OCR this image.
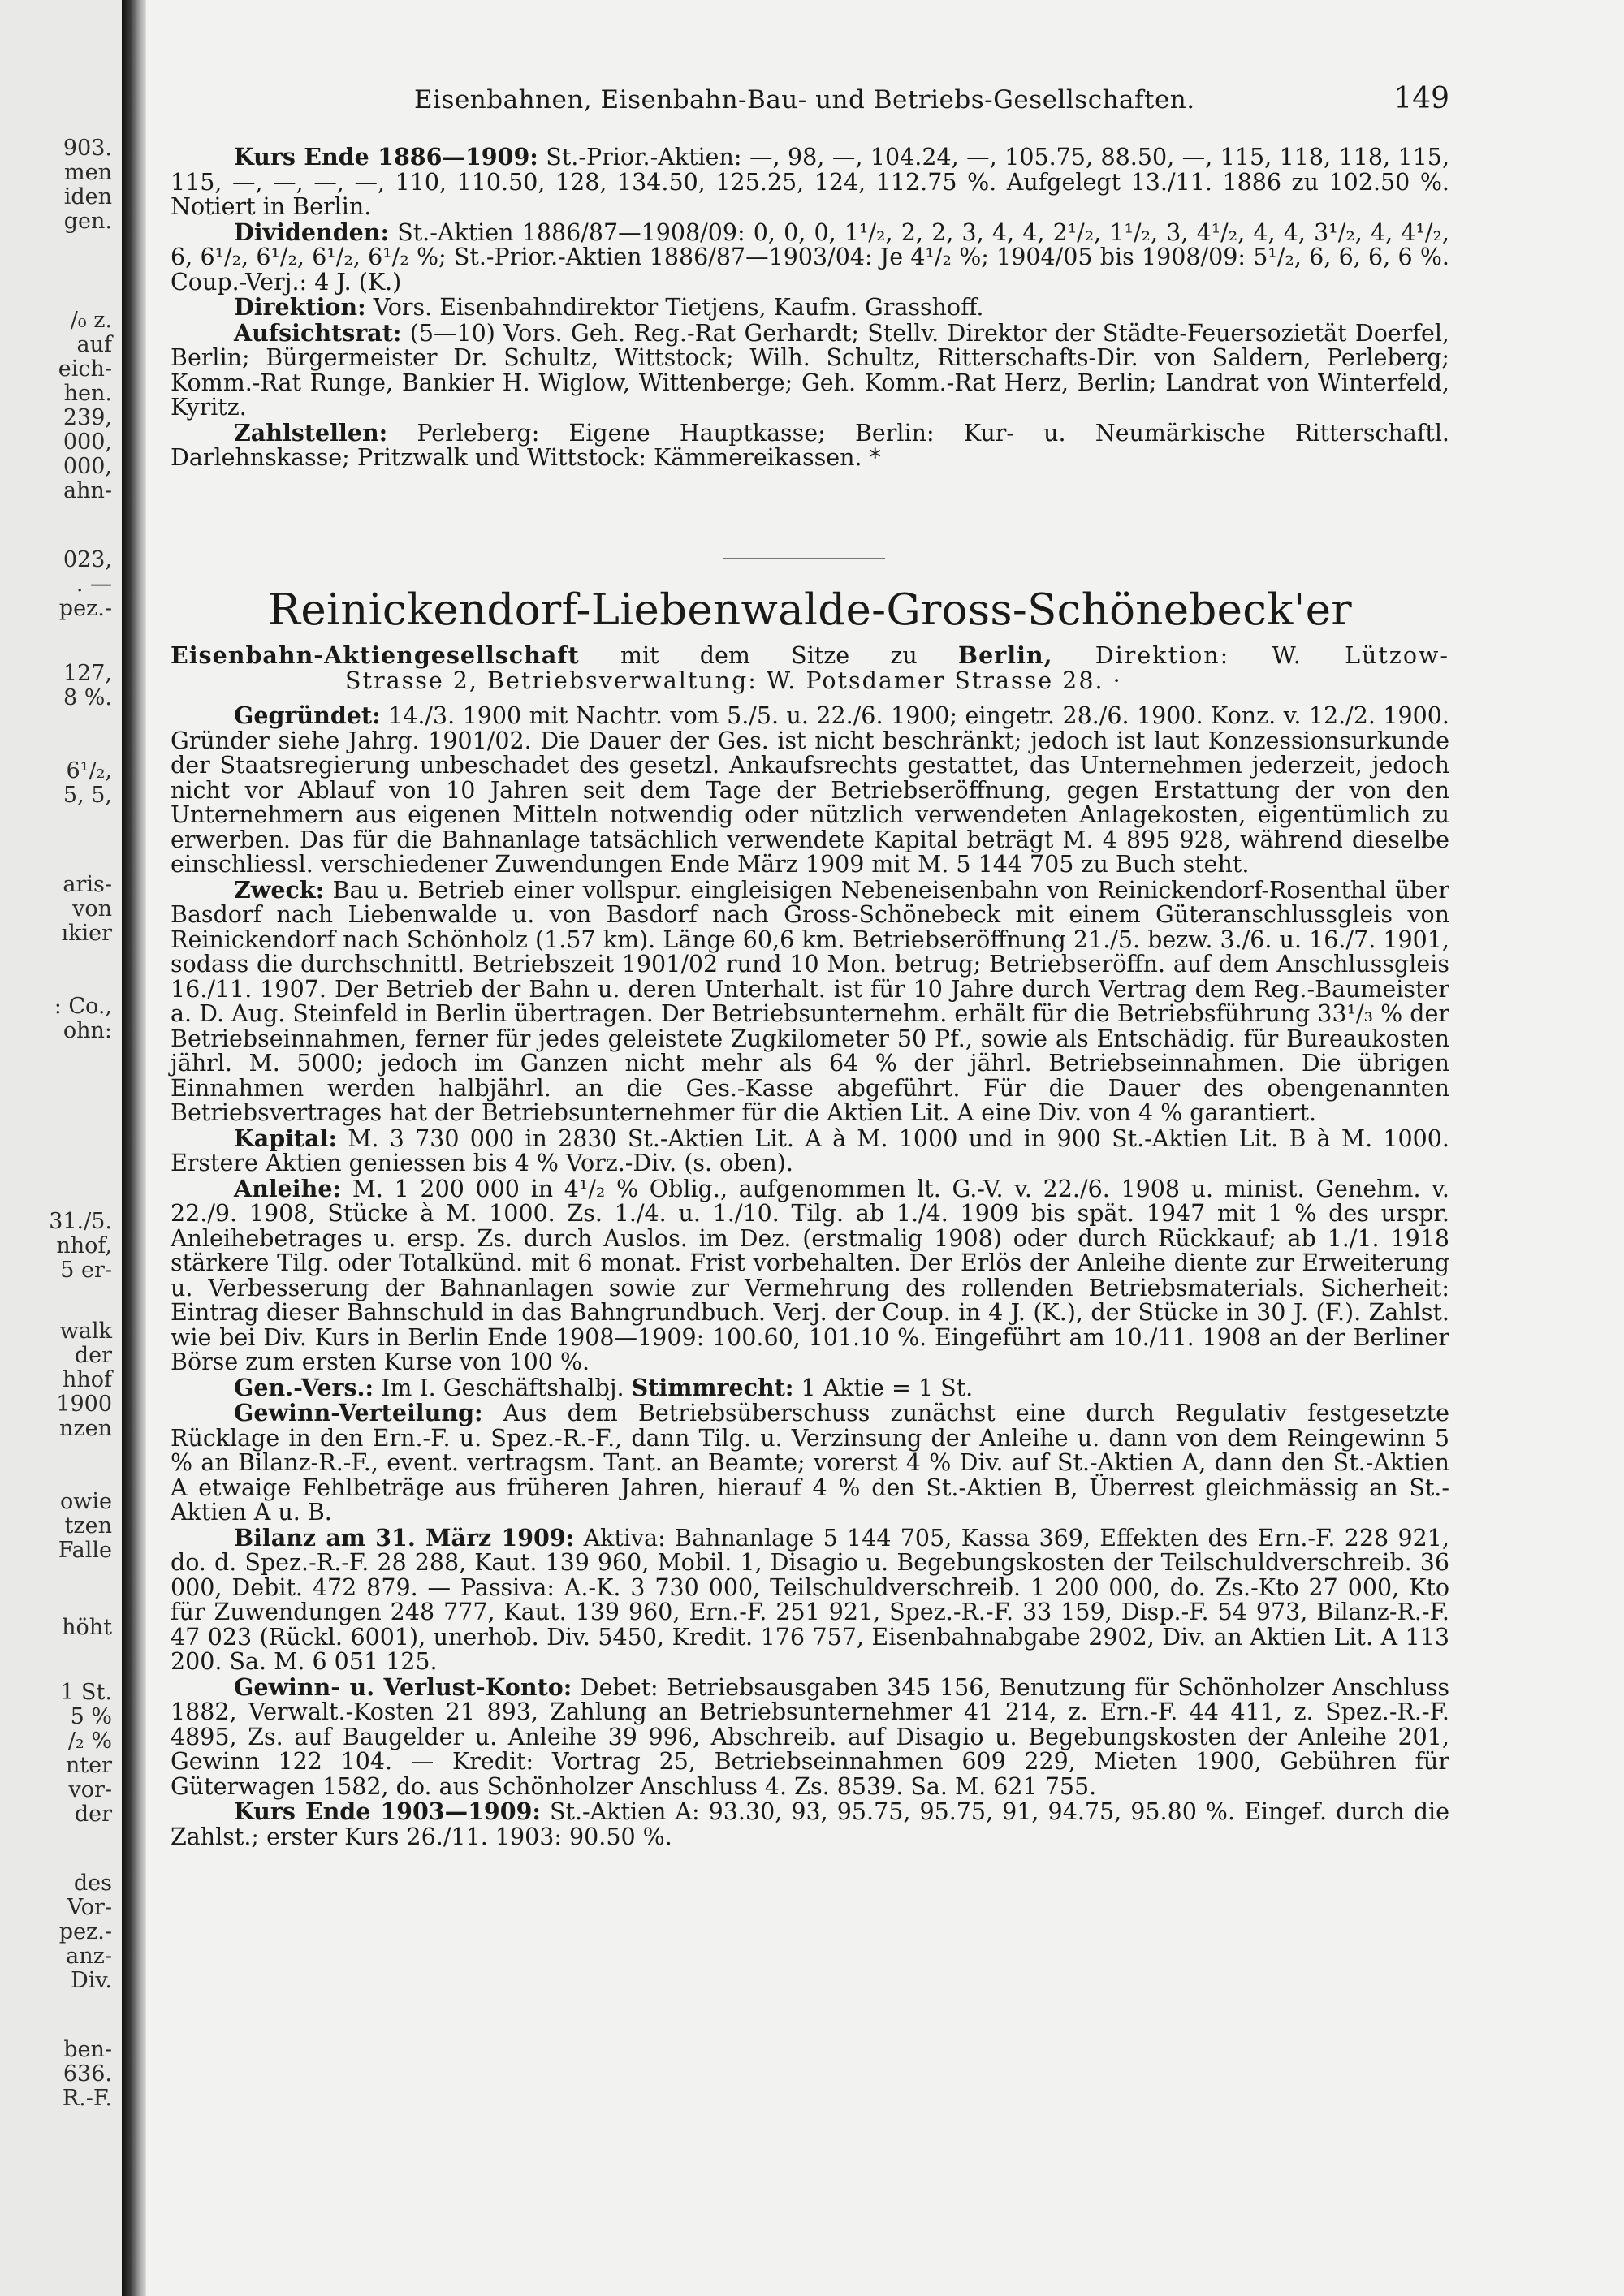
903.
men
iden
gen.
/₀ z.
auf
eich-
hen.
239,
000,
000,
ahn-
023,
. —
pez.-
127,
8 %.
6¹/₂,
5, 5,
aris-
von
ıkier
: Co.,
ohn:
31./5.
nhof,
5 er-
walk
der
hhof
1900
nzen
owie
tzen
Falle
höht
1 St.
5 %
/₂ %
nter
vor-
der
des
Vor-
pez.-
anz-
Div.
ben-
636.
R.-F.
Eisenbahnen, Eisenbahn-Bau- und Betriebs-Gesellschaften.	149

Kurs Ende 1886—1909: St.-Prior.-Aktien: —, 98, —, 104.24, —, 105.75, 88.50, —, 115, 118, 118, 115, 115, —, —, —, —, 110, 110.50, 128, 134.50, 125.25, 124, 112.75 %. Aufgelegt 13./11. 1886 zu 102.50 %. Notiert in Berlin.

Dividenden: St.-Aktien 1886/87—1908/09: 0, 0, 0, 1¹/₂, 2, 2, 3, 4, 4, 2¹/₂, 1¹/₂, 3, 4¹/₂, 4, 4, 3¹/₂, 4, 4¹/₂, 6, 6¹/₂, 6¹/₂, 6¹/₂, 6¹/₂ %; St.-Prior.-Aktien 1886/87—1903/04: Je 4¹/₂ %; 1904/05 bis 1908/09: 5¹/₂, 6, 6, 6, 6 %. Coup.-Verj.: 4 J. (K.)

Direktion: Vors. Eisenbahndirektor Tietjens, Kaufm. Grasshoff.

Aufsichtsrat: (5—10) Vors. Geh. Reg.-Rat Gerhardt; Stellv. Direktor der Städte-Feuersozietät Doerfel, Berlin; Bürgermeister Dr. Schultz, Wittstock; Wilh. Schultz, Ritterschafts-Dir. von Saldern, Perleberg; Komm.-Rat Runge, Bankier H. Wiglow, Wittenberge; Geh. Komm.-Rat Herz, Berlin; Landrat von Winterfeld, Kyritz.

Zahlstellen: Perleberg: Eigene Hauptkasse; Berlin: Kur- u. Neumärkische Ritterschaftl. Darlehnskasse; Pritzwalk und Wittstock: Kämmereikassen. *

Reinickendorf-Liebenwalde-Gross-Schönebeck'er
Eisenbahn-Aktiengesellschaft mit dem Sitze zu Berlin, Direktion: W. Lützow-
Strasse 2, Betriebsverwaltung: W. Potsdamer Strasse 28. ·

Gegründet: 14./3. 1900 mit Nachtr. vom 5./5. u. 22./6. 1900; eingetr. 28./6. 1900. Konz. v. 12./2. 1900. Gründer siehe Jahrg. 1901/02. Die Dauer der Ges. ist nicht beschränkt; jedoch ist laut Konzessionsurkunde der Staatsregierung unbeschadet des gesetzl. Ankaufsrechts gestattet, das Unternehmen jederzeit, jedoch nicht vor Ablauf von 10 Jahren seit dem Tage der Betriebseröffnung, gegen Erstattung der von den Unternehmern aus eigenen Mitteln notwendig oder nützlich verwendeten Anlagekosten, eigentümlich zu erwerben. Das für die Bahnanlage tatsächlich verwendete Kapital beträgt M. 4 895 928, während dieselbe einschliessl. verschiedener Zuwendungen Ende März 1909 mit M. 5 144 705 zu Buch steht.

Zweck: Bau u. Betrieb einer vollspur. eingleisigen Nebeneisenbahn von Reinickendorf-Rosenthal über Basdorf nach Liebenwalde u. von Basdorf nach Gross-Schönebeck mit einem Güteranschlussgleis von Reinickendorf nach Schönholz (1.57 km). Länge 60,6 km. Betriebseröffnung 21./5. bezw. 3./6. u. 16./7. 1901, sodass die durchschnittl. Betriebszeit 1901/02 rund 10 Mon. betrug; Betriebseröffn. auf dem Anschlussgleis 16./11. 1907. Der Betrieb der Bahn u. deren Unterhalt. ist für 10 Jahre durch Vertrag dem Reg.-Baumeister a. D. Aug. Steinfeld in Berlin übertragen. Der Betriebsunternehm. erhält für die Betriebsführung 33¹/₃ % der Betriebseinnahmen, ferner für jedes geleistete Zugkilometer 50 Pf., sowie als Entschädig. für Bureaukosten jährl. M. 5000; jedoch im Ganzen nicht mehr als 64 % der jährl. Betriebseinnahmen. Die übrigen Einnahmen werden halbjährl. an die Ges.-Kasse abgeführt. Für die Dauer des obengenannten Betriebsvertrages hat der Betriebsunternehmer für die Aktien Lit. A eine Div. von 4 % garantiert.

Kapital: M. 3 730 000 in 2830 St.-Aktien Lit. A à M. 1000 und in 900 St.-Aktien Lit. B à M. 1000. Erstere Aktien geniessen bis 4 % Vorz.-Div. (s. oben).

Anleihe: M. 1 200 000 in 4¹/₂ % Oblig., aufgenommen lt. G.-V. v. 22./6. 1908 u. minist. Genehm. v. 22./9. 1908, Stücke à M. 1000. Zs. 1./4. u. 1./10. Tilg. ab 1./4. 1909 bis spät. 1947 mit 1 % des urspr. Anleihebetrages u. ersp. Zs. durch Auslos. im Dez. (erstmalig 1908) oder durch Rückkauf; ab 1./1. 1918 stärkere Tilg. oder Totalkünd. mit 6 monat. Frist vorbehalten. Der Erlös der Anleihe diente zur Erweiterung u. Verbesserung der Bahnanlagen sowie zur Vermehrung des rollenden Betriebsmaterials. Sicherheit: Eintrag dieser Bahnschuld in das Bahngrundbuch. Verj. der Coup. in 4 J. (K.), der Stücke in 30 J. (F.). Zahlst. wie bei Div. Kurs in Berlin Ende 1908—1909: 100.60, 101.10 %. Eingeführt am 10./11. 1908 an der Berliner Börse zum ersten Kurse von 100 %.

Gen.-Vers.: Im I. Geschäftshalbj. Stimmrecht: 1 Aktie = 1 St.

Gewinn-Verteilung: Aus dem Betriebsüberschuss zunächst eine durch Regulativ festgesetzte Rücklage in den Ern.-F. u. Spez.-R.-F., dann Tilg. u. Verzinsung der Anleihe u. dann von dem Reingewinn 5 % an Bilanz-R.-F., event. vertragsm. Tant. an Beamte; vorerst 4 % Div. auf St.-Aktien A, dann den St.-Aktien A etwaige Fehlbeträge aus früheren Jahren, hierauf 4 % den St.-Aktien B, Überrest gleichmässig an St.-Aktien A u. B.

Bilanz am 31. März 1909: Aktiva: Bahnanlage 5 144 705, Kassa 369, Effekten des Ern.-F. 228 921, do. d. Spez.-R.-F. 28 288, Kaut. 139 960, Mobil. 1, Disagio u. Begebungskosten der Teilschuldverschreib. 36 000, Debit. 472 879. — Passiva: A.-K. 3 730 000, Teilschuldverschreib. 1 200 000, do. Zs.-Kto 27 000, Kto für Zuwendungen 248 777, Kaut. 139 960, Ern.-F. 251 921, Spez.-R.-F. 33 159, Disp.-F. 54 973, Bilanz-R.-F. 47 023 (Rückl. 6001), unerhob. Div. 5450, Kredit. 176 757, Eisenbahnabgabe 2902, Div. an Aktien Lit. A 113 200. Sa. M. 6 051 125.

Gewinn- u. Verlust-Konto: Debet: Betriebsausgaben 345 156, Benutzung für Schönholzer Anschluss 1882, Verwalt.-Kosten 21 893, Zahlung an Betriebsunternehmer 41 214, z. Ern.-F. 44 411, z. Spez.-R.-F. 4895, Zs. auf Baugelder u. Anleihe 39 996, Abschreib. auf Disagio u. Begebungskosten der Anleihe 201, Gewinn 122 104. — Kredit: Vortrag 25, Betriebseinnahmen 609 229, Mieten 1900, Gebühren für Güterwagen 1582, do. aus Schönholzer Anschluss 4. Zs. 8539. Sa. M. 621 755.

Kurs Ende 1903—1909: St.-Aktien A: 93.30, 93, 95.75, 95.75, 91, 94.75, 95.80 %. Eingef. durch die Zahlst.; erster Kurs 26./11. 1903: 90.50 %.
